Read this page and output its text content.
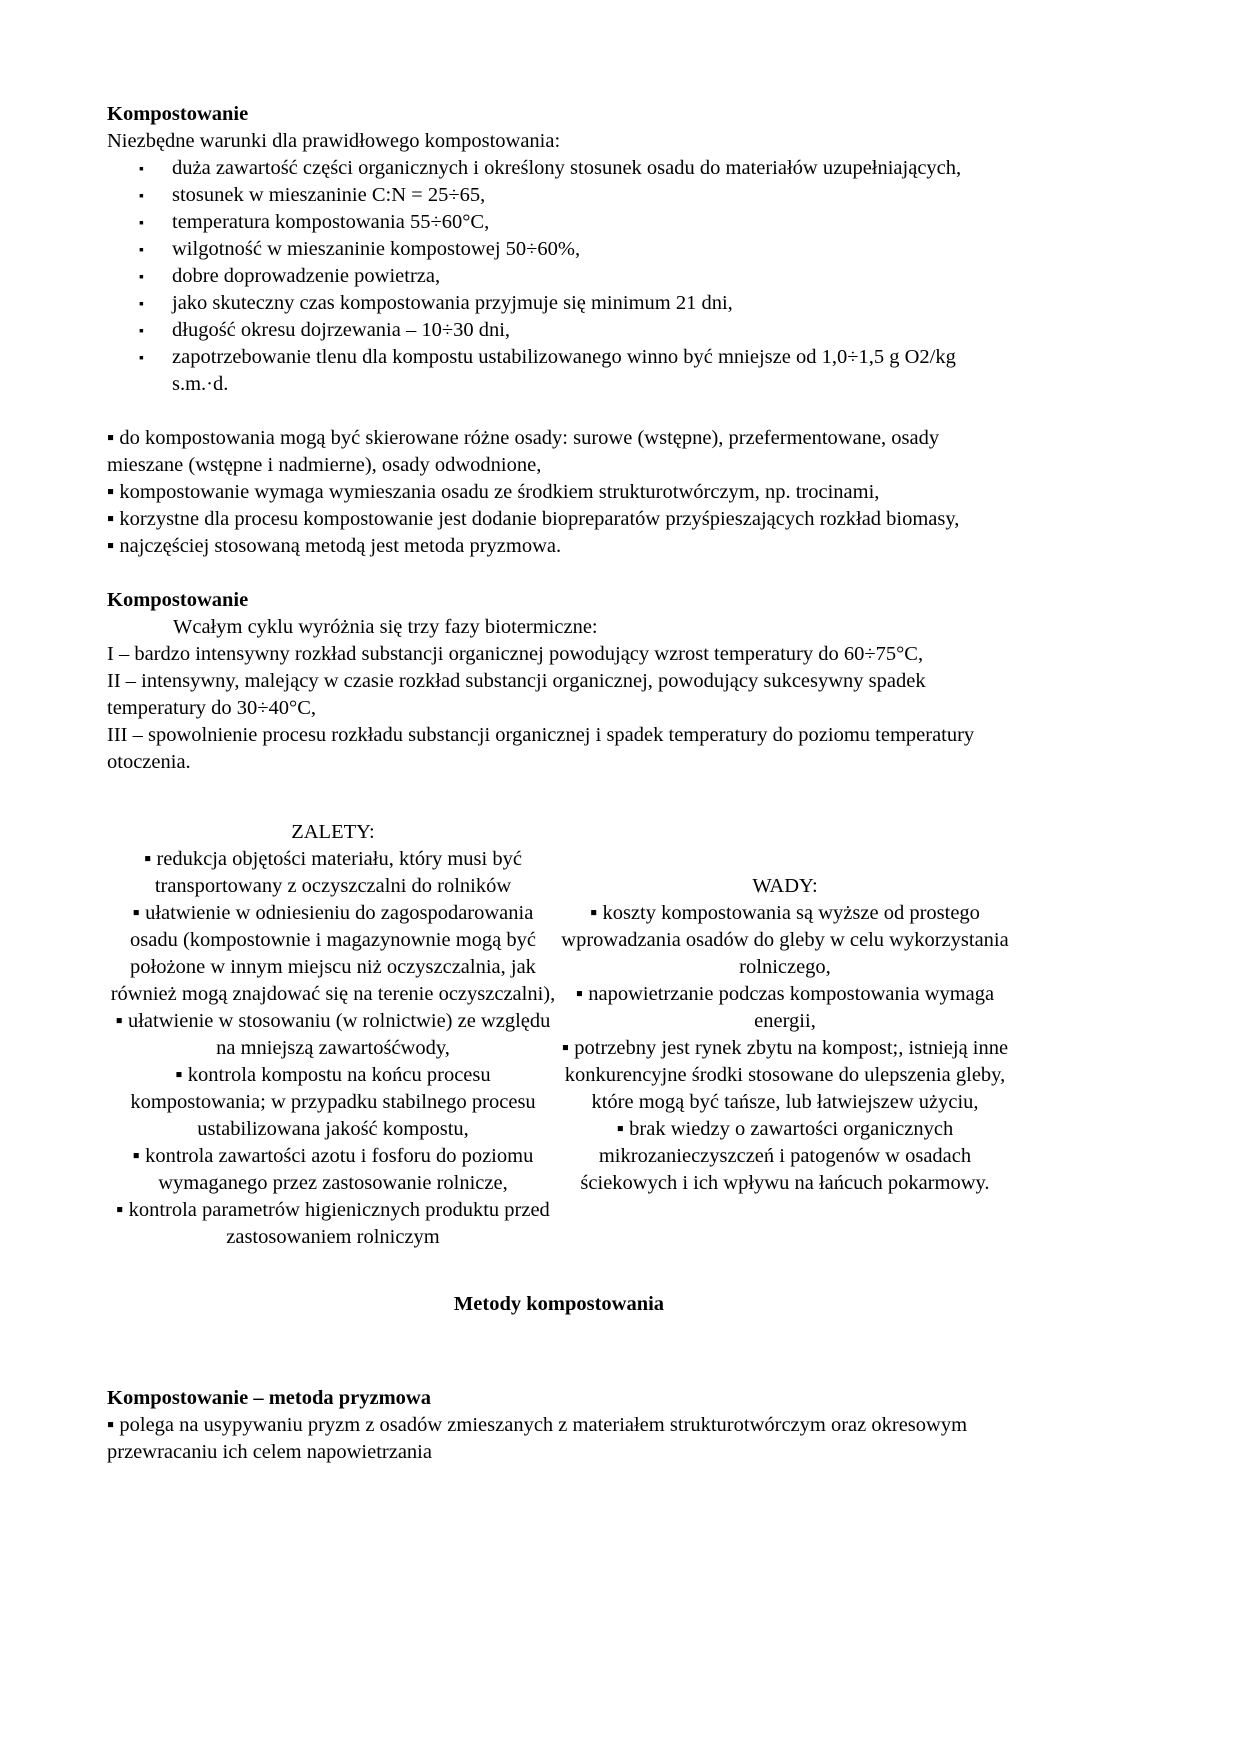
Kompostowanie
Niezbędne warunki dla prawidłowego kompostowania:
▪ duża zawartość części organicznych i określony stosunek osadu do materiałów uzupełniających,
▪ stosunek w mieszaninie C:N = 25÷65,
▪ temperatura kompostowania 55÷60°C,
▪ wilgotność w mieszaninie kompostowej 50÷60%,
▪ dobre doprowadzenie powietrza,
▪ jako skuteczny czas kompostowania przyjmuje się minimum 21 dni,
▪ długość okresu dojrzewania – 10÷30 dni,
▪ zapotrzebowanie tlenu dla kompostu ustabilizowanego winno być mniejsze od 1,0÷1,5 g O2/kg s.m.·d.

▪ do kompostowania mogą być skierowane różne osady: surowe (wstępne), przefermentowane, osady mieszane (wstępne i nadmierne), osady odwodnione,

▪ kompostowanie wymaga wymieszania osadu ze środkiem strukturotwórczym, np. trocinami,

▪ korzystne dla procesu kompostowanie jest dodanie biopreparatów przyśpieszających rozkład biomasy,

▪ najczęściej stosowaną metodą jest metoda pryzmowa.

Kompostowanie
Wcałym cyklu wyróżnia się trzy fazy biotermiczne:

I – bardzo intensywny rozkład substancji organicznej powodujący wzrost temperatury do 60÷75°C,

II – intensywny, malejący w czasie rozkład substancji organicznej, powodujący sukcesywny spadek temperatury do 30÷40°C,

III – spowolnienie procesu rozkładu substancji organicznej i spadek temperatury do poziomu temperatury otoczenia.

ZALETY:

▪ redukcja objętości materiału, który musi być transportowany z oczyszczalni do rolników

▪ ułatwienie w odniesieniu do zagospodarowania osadu (kompostownie i magazynownie mogą być położone w innym miejscu niż oczyszczalnia, jak również mogą znajdować się na terenie oczyszczalni),

▪ ułatwienie w stosowaniu (w rolnictwie) ze względu na mniejszą zawartośćwody,

▪ kontrola kompostu na końcu procesu kompostowania; w przypadku stabilnego procesu ustabilizowana jakość kompostu,

▪ kontrola zawartości azotu i fosforu do poziomu wymaganego przez zastosowanie rolnicze,

▪ kontrola parametrów higienicznych produktu przed zastosowaniem rolniczym

WADY:

▪ koszty kompostowania są wyższe od prostego wprowadzania osadów do gleby w celu wykorzystania rolniczego,

▪ napowietrzanie podczas kompostowania wymaga energii,

▪ potrzebny jest rynek zbytu na kompost;, istnieją inne konkurencyjne środki stosowane do ulepszenia gleby, które mogą być tańsze, lub łatwiejszew użyciu,

▪ brak wiedzy o zawartości organicznych mikrozanieczyszczeń i patogenów w osadach ściekowych i ich wpływu na łańcuch pokarmowy.

Metody kompostowania
Kompostowanie – metoda pryzmowa

▪ polega na usypywaniu pryzm z osadów zmieszanych z materiałem strukturotwórczym oraz okresowym przewracaniu ich celem napowietrzania
